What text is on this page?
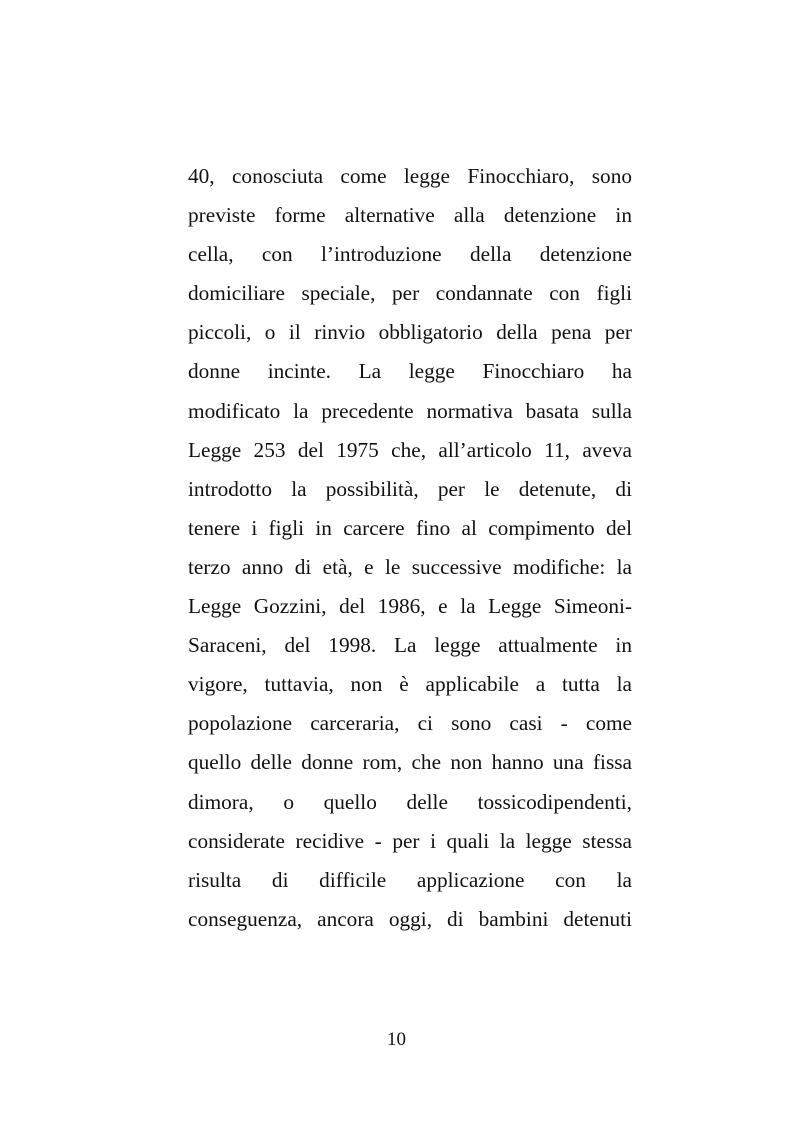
40, conosciuta come legge Finocchiaro, sono
previste forme alternative alla detenzione in
cella, con l’introduzione della detenzione
domiciliare speciale, per condannate con figli
piccoli, o il rinvio obbligatorio della pena per
donne incinte. La legge Finocchiaro ha
modificato la precedente normativa basata sulla
Legge 253 del 1975 che, all’articolo 11, aveva
introdotto la possibilità, per le detenute, di
tenere i figli in carcere fino al compimento del
terzo anno di età, e le successive modifiche: la
Legge Gozzini, del 1986, e la Legge Simeoni-
Saraceni, del 1998. La legge attualmente in
vigore, tuttavia, non è applicabile a tutta la
popolazione carceraria, ci sono casi - come
quello delle donne rom, che non hanno una fissa
dimora, o quello delle tossicodipendenti,
considerate recidive - per i quali la legge stessa
risulta di difficile applicazione con la
conseguenza, ancora oggi, di bambini detenuti
10
